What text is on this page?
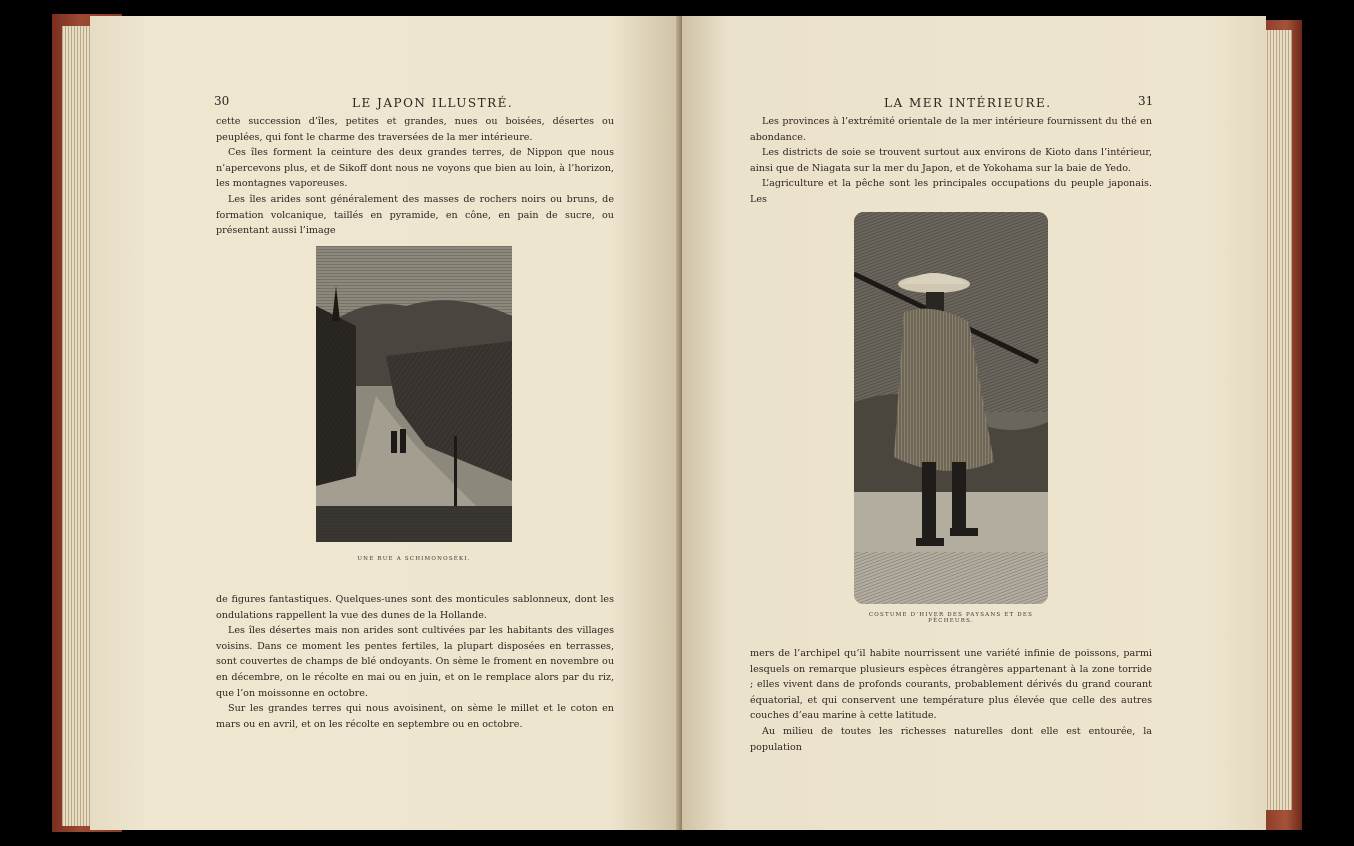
30	LE JAPON ILLUSTRÉ.

cette succession d’îles, petites et grandes, nues ou boisées, désertes ou peuplées, qui font le charme des traversées de la mer intérieure.

Ces îles forment la ceinture des deux grandes terres, de Nippon que nous n’apercevons plus, et de Sikoff dont nous ne voyons que bien au loin, à l’horizon, les montagnes vaporeuses.

Les îles arides sont généralement des masses de rochers noirs ou bruns, de formation volcanique, taillés en pyramide, en cône, en pain de sucre, ou présentant aussi l’image

UNE RUE A SCHIMONOSÉKI.

de figures fantastiques. Quelques-unes sont des monticules sablonneux, dont les ondulations rappellent la vue des dunes de la Hollande.

Les îles désertes mais non arides sont cultivées par les habitants des villages voisins. Dans ce moment les pentes fertiles, la plupart disposées en terrasses, sont couvertes de champs de blé ondoyants. On sème le froment en novembre ou en décembre, on le récolte en mai ou en juin, et on le remplace alors par du riz, que l’on moissonne en octobre.

Sur les grandes terres qui nous avoisinent, on sème le millet et le coton en mars ou en avril, et on les récolte en septembre ou en octobre.

LA MER INTÉRIEURE.	31

Les provinces à l’extrémité orientale de la mer intérieure fournissent du thé en abondance.

Les districts de soie se trouvent surtout aux environs de Kioto dans l’intérieur, ainsi que de Niagata sur la mer du Japon, et de Yokohama sur la baie de Yedo.

L’agriculture et la pêche sont les principales occupations du peuple japonais. Les

COSTUME D’HIVER DES PAYSANS ET DES PÊCHEURS.

mers de l’archipel qu’il habite nourrissent une variété infinie de poissons, parmi lesquels on remarque plusieurs espèces étrangères appartenant à la zone torride ; elles vivent dans de profonds courants, probablement dérivés du grand courant équatorial, et qui conservent une température plus élevée que celle des autres couches d’eau marine à cette latitude.

Au milieu de toutes les richesses naturelles dont elle est entourée, la population
